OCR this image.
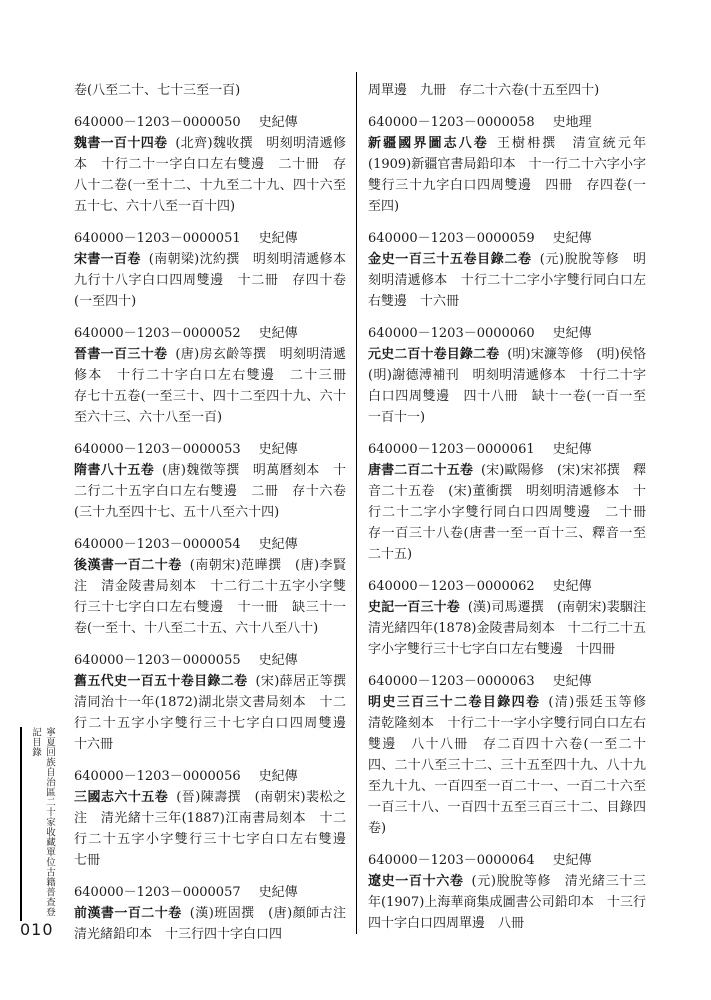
卷(八至二十、七十三至一百)
640000－1203－0000050 史紀傳
魏書一百十四卷 (北齊)魏收撰　明刻明清遞修本　十行二十一字白口左右雙邊　二十冊　存八十二卷(一至十二、十九至二十九、四十六至五十七、六十八至一百十四)
640000－1203－0000051 史紀傳
宋書一百卷 (南朝梁)沈約撰　明刻明清遞修本　九行十八字白口四周雙邊　十二冊　存四十卷(一至四十)
640000－1203－0000052 史紀傳
晉書一百三十卷 (唐)房玄齡等撰　明刻明清遞修本　十行二十字白口左右雙邊　二十三冊　存七十五卷(一至三十、四十二至四十九、六十至六十三、六十八至一百)
640000－1203－0000053 史紀傳
隋書八十五卷 (唐)魏徵等撰　明萬曆刻本　十二行二十五字白口左右雙邊　二冊　存十六卷(三十九至四十七、五十八至六十四)
640000－1203－0000054 史紀傳
後漢書一百二十卷 (南朝宋)范曄撰　(唐)李賢注　清金陵書局刻本　十二行二十五字小字雙行三十七字白口左右雙邊　十一冊　缺三十一卷(一至十、十八至二十五、六十八至八十)
640000－1203－0000055 史紀傳
舊五代史一百五十卷目錄二卷 (宋)薛居正等撰　清同治十一年(1872)湖北崇文書局刻本　十二行二十五字小字雙行三十七字白口四周雙邊　十六冊
640000－1203－0000056 史紀傳
三國志六十五卷 (晉)陳壽撰　(南朝宋)裴松之注　清光緒十三年(1887)江南書局刻本　十二行二十五字小字雙行三十七字白口左右雙邊　七冊
640000－1203－0000057 史紀傳
前漢書一百二十卷 (漢)班固撰　(唐)顏師古注　清光緒鉛印本　十三行四十字白口四
周單邊　九冊　存二十六卷(十五至四十)
640000－1203－0000058 史地理
新疆國界圖志八卷 王樹枏撰　清宣統元年(1909)新疆官書局鉛印本　十一行二十六字小字雙行三十九字白口四周雙邊　四冊　存四卷(一至四)
640000－1203－0000059 史紀傳
金史一百三十五卷目錄二卷 (元)脫脫等修　明刻明清遞修本　十行二十二字小字雙行同白口左右雙邊　十六冊
640000－1203－0000060 史紀傳
元史二百十卷目錄二卷 (明)宋濂等修　(明)侯恪　(明)謝德溥補刊　明刻明清遞修本　十行二十字白口四周雙邊　四十八冊　缺十一卷(一百一至一百十一)
640000－1203－0000061 史紀傳
唐書二百二十五卷 (宋)歐陽修　(宋)宋祁撰　釋音二十五卷　(宋)董衝撰　明刻明清遞修本　十行二十二字小字雙行同白口四周雙邊　二十冊　存一百三十八卷(唐書一至一百十三、釋音一至二十五)
640000－1203－0000062 史紀傳
史記一百三十卷 (漢)司馬遷撰　(南朝宋)裴駰注　清光緒四年(1878)金陵書局刻本　十二行二十五字小字雙行三十七字白口左右雙邊　十四冊
640000－1203－0000063 史紀傳
明史三百三十二卷目錄四卷 (清)張廷玉等修　清乾隆刻本　十行二十一字小字雙行同白口左右雙邊　八十八冊　存二百四十六卷(一至二十四、二十八至三十二、三十五至四十九、八十九至九十九、一百四至一百二十一、一百二十六至一百三十八、一百四十五至三百三十二、目錄四卷)
640000－1203－0000064 史紀傳
遼史一百十六卷 (元)脫脫等修　清光緒三十三年(1907)上海華商集成圖書公司鉛印本　十三行四十字白口四周單邊　八冊
寧夏回族自治區二十家收藏單位古籍普查登記目錄
010
